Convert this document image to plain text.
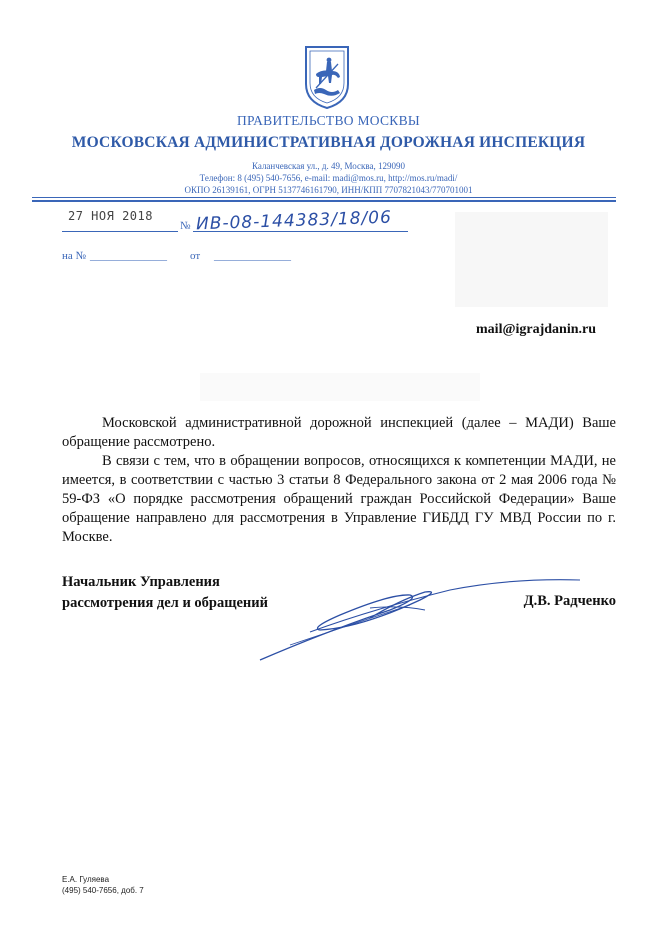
ПРАВИТЕЛЬСТВО МОСКВЫ
МОСКОВСКАЯ АДМИНИСТРАТИВНАЯ ДОРОЖНАЯ ИНСПЕКЦИЯ
Каланчевская ул., д. 49, Москва, 129090
Телефон: 8 (495) 540-7656, e-mail: madi@mos.ru, http://mos.ru/madi/
ОКПО 26139161, ОГРН 5137746161790, ИНН/КПП 7707821043/770701001
27 НОЯ 2018
№ ИВ-08-144383/18/06
на № ______________ от ______________
mail@igrajdanin.ru

Московской административной дорожной инспекцией (далее – МАДИ) Ваше обращение рассмотрено.

В связи с тем, что в обращении вопросов, относящихся к компетенции МАДИ, не имеется, в соответствии с частью 3 статьи 8 Федерального закона от 2 мая 2006 года № 59-ФЗ «О порядке рассмотрения обращений граждан Российской Федерации» Ваше обращение направлено для рассмотрения в Управление ГИБДД ГУ МВД России по г. Москве.

Начальник Управления
рассмотрения дел и обращений	Д.В. Радченко
Е.А. Гуляева
(495) 540-7656, доб. 7
